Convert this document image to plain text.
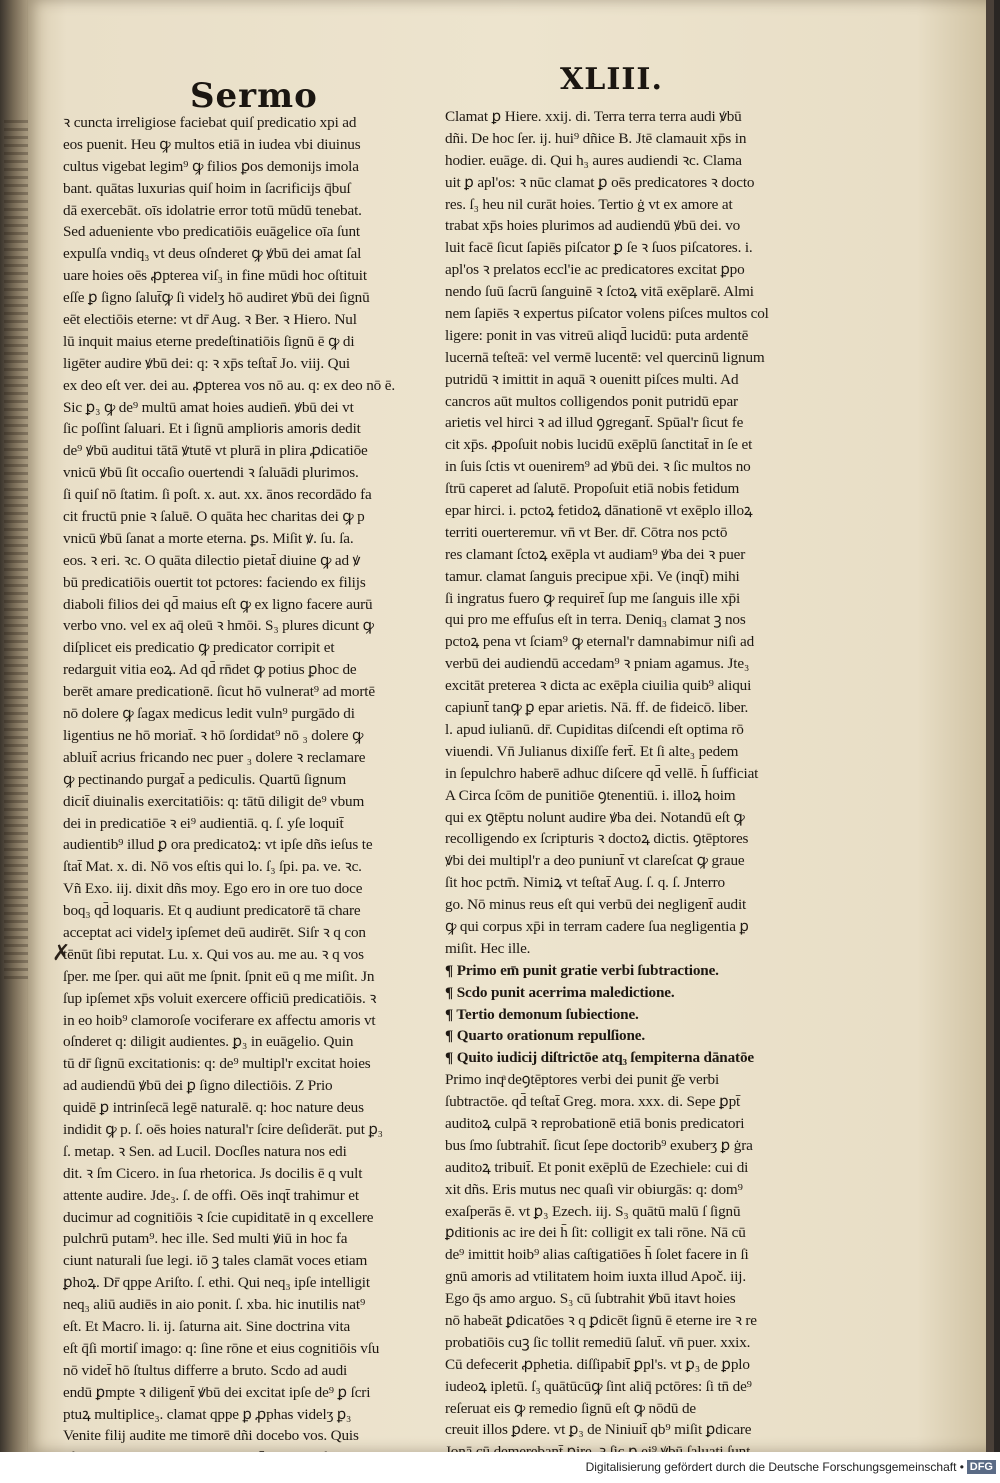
Sermo	XLIII.
ꝛ cuncta irreligiose faciebat quiſ predicatio xpi ad
eos puenit. Heu ꝙ multos etiā in iudea vbi diuinus
cultus vigebat legim⁹ ꝙ filios ꝑos demonijs imola
bant. quātas luxurias quiſ hoim in ſacrificijs q̄buſ
dā exercebāt. oīs idolatrie error totū mūdū tenebat.
Sed adueniente vbo predicatiōis euāgelice oīa ſunt
expulſa vndiq₃ vt deus oſnderet ꝙ ꝟbū dei amat ſal
uare hoies oēs ꝓpterea viſ₃ in fine mūdi hoc oſtituit
eſſe ꝑ ſigno ſalut̄ꝙ ſi videlʒ hō audiret ꝟbū dei ſignū
eēt electiōis eterne: vt dr̄ Aug. ꝛ Ber. ꝛ Hiero. Nul
lū inquit maius eterne predeſtinatiōis ſignū ē ꝙ di
ligēter audire ꝟbū dei: q: ꝛ xp̄s teſtat̄ Jo. viij. Qui
ex deo eſt ver. dei au. ꝓpterea vos nō au. q: ex deo nō ē.
Sic ꝑ₃ ꝙ de⁹ multū amat hoies audien̄. ꝟbū dei vt
ſic poſſint ſaluari. Et i ſignū amplioris amoris dedit
de⁹ ꝟbū auditui tātā ꝟtutē vt plurā in plira ꝓdicatiōe
vnicū ꝟbū ſit occaſio ouertendi ꝛ ſaluādi plurimos.
ſi quiſ nō ſtatim. ſi poſt. x. aut. xx. ānos recordādo fa
cit fructū pnie ꝛ ſaluē. O quāta hec charitas dei ꝙ p
vnicū ꝟbū ſanat a morte eterna. ꝑs. Miſit ꝟ. ſu. ſa.
eos. ꝛ eri. ꝛc. O quāta dilectio pietat̄ diuine ꝙ ad ꝟ
bū predicatiōis ouertit tot pctores: faciendo ex filijs
diaboli filios dei qd̄ maius eſt ꝙ ex ligno facere aurū
verbo vno. vel ex aq̄ oleū ꝛ hmōi. S₃ plures dicunt ꝙ
diſplicet eis predicatio ꝙ predicator corripit et
redarguit vitia eoꝝ. Ad qd̄ rn̄det ꝙ potius ꝑhoc de
berēt amare predicationē. ſicut hō vulnerat⁹ ad mortē
nō dolere ꝙ ſagax medicus ledit vuln⁹ purgādo di
ligentius ne hō moriat̄. ꝛ hō ſordidat⁹ nō ₃ dolere ꝙ
abluit̄ acrius fricando nec puer ₃ dolere ꝛ reclamare
ꝙ pectinando purgat̄ a pediculis. Quartū ſignum
dicit̄ diuinalis exercitatiōis: q: tātū diligit de⁹ vbum
dei in predicatiōe ꝛ ei⁹ audientiā. q. ſ. yſe loquit̄
audientib⁹ illud ꝑ ora predicatoꝝ: vt ipſe dñs ieſus te
ſtat̄ Mat. x. di. Nō vos eſtis qui lo. ſ₃ ſpi. pa. ve. ꝛc.
Vñ Exo. iij. dixit dñs moy. Ego ero in ore tuo doce
boq₃ qd̄ loquaris. Et q audiunt predicatorē tā chare
acceptat aci videlʒ ipſemet deū audirēt. Siſr ꝛ q con
tēnūt ſibi reputat. Lu. x. Qui vos au. me au. ꝛ q vos
ſper. me ſper. qui aūt me ſpnit. ſpnit eū q me miſit. Jn
ſup ipſemet xp̄s voluit exercere officiū predicatiōis. ꝛ
in eo hoib⁹ clamoroſe vociferare ex affectu amoris vt
oſnderet q: diligit audientes. ꝑ₃ in euāgelio. Quin
tū dr̄ ſignū excitationis: q: de⁹ multipl'r excitat hoies
ad audiendū ꝟbū dei ꝑ ſigno dilectiōis. Z Prio
quidē ꝑ intrinſecā legē naturalē. q: hoc nature deus
indidit ꝙ p. ſ. oēs hoies natural'r ſcire deſiderāt. put ꝑ₃
ſ. metap. ꝛ Sen. ad Lucil. Docſles natura nos edi
dit. ꝛ ſm Cicero. in ſua rhetorica. Js docilis ē q vult
attente audire. Jde₃. ſ. de offi. Oēs inqt̄ trahimur et
ducimur ad cognitiōis ꝛ ſcie cupiditatē in q excellere
pulchrū putam⁹. hec ille. Sed multi ꝟiū in hoc fa
ciunt naturali ſue legi. iō ꝫ tales clamāt voces etiam
ꝑhoꝝ. Dr̄ qppe Ariſto. ſ. ethi. Qui neq₃ ipſe intelligit
neq₃ aliū audiēs in aio ponit. ſ. xba. hic inutilis nat⁹
eſt. Et Macro. li. ij. ſaturna ait. Sine doctrina vita
eſt q̄ſi mortiſ imago: q: ſine rōne et eius cognitiōis vſu
nō videt̄ hō ſtultus differre a bruto. Scdo ad audi
endū ꝑmpte ꝛ diligent̄ ꝟbū dei excitat ipſe de⁹ ꝑ ſcri
ptuꝝ multiplice₃. clamat qppe ꝑ ꝓphas videlʒ ꝑ₃
Venite filij audite me timorē dñi docebo vos. Quis
Clamat ꝑ Hiere. xxij. di. Terra terra terra audi ꝟbū
dñi. De hoc ſer. ij. hui⁹ dñice B. Jtē clamauit xp̄s in
hodier. euāge. di. Qui h₃ aures audiendi ꝛc. Clama
uit ꝑ apl'os: ꝛ nūc clamat ꝑ oēs predicatores ꝛ docto
res. ſ₃ heu nil curāt hoies. Tertio ġ vt ex amore at
trabat xp̄s hoies plurimos ad audiendū ꝟbū dei. vo
luit facē ſicut ſapiēs piſcator ꝑ ſe ꝛ ſuos piſcatores. i.
apl'os ꝛ prelatos eccl'ie ac predicatores excitat ꝑpo
nendo ſuū ſacrū ſanguinē ꝛ ſctoꝝ vitā exēplarē. Almi
nem ſapiēs ꝛ expertus piſcator volens piſces multos col
ligere: ponit in vas vitreū aliqd̄ lucidū: puta ardentē
lucernā teſteā: vel vermē lucentē: vel quercinū lignum
putridū ꝛ imittit in aquā ꝛ ouenitt piſces multi. Ad
cancros aūt multos colligendos ponit putridū epar
arietis vel hirci ꝛ ad illud ꝯgregant̄. Spūal'r ſicut fe
cit xp̄s. ꝓpoſuit nobis lucidū exēplū ſanctitat̄ in ſe et
in ſuis ſctis vt ouenirem⁹ ad ꝟbū dei. ꝛ ſic multos no
ſtrū caperet ad ſalutē. Propoſuit etiā nobis fetidum
epar hirci. i. pctoꝝ fetidoꝝ dānationē vt exēplo illoꝝ
territi ouerteremur. vn̄ vt Ber. dr̄. Cōtra nos pctō
res clamant ſctoꝝ exēpla vt audiam⁹ ꝟba dei ꝛ puer
tamur. clamat ſanguis precipue xp̄i. Ve (inqt̄) mihi
ſi ingratus fuero ꝙ requiret̄ ſup me ſanguis ille xp̄i
qui pro me effuſus eſt in terra. Deniq₃ clamat ꝫ nos
pctoꝝ pena vt ſciam⁹ ꝙ eternal'r damnabimur niſi ad
verbū dei audiendū accedam⁹ ꝛ pniam agamus. Jte₃
excitāt preterea ꝛ dicta ac exēpla ciuilia quib⁹ aliqui
capiunt̄ tanꝙ ꝑ epar arietis. Nā. ff. de fideicō. liber.
l. apud iulianū. dr̄. Cupiditas diſcendi eſt optima rō
viuendi. Vn̄ Julianus dixiſſe fert̄. Et ſi alte₃ pedem
in ſepulchro haberē adhuc diſcere qd̄ vellē. h̄ ſufficiat
A Circa ſcōm de punitiōe ꝯtenentiū. i. illoꝝ hoim
qui ex ꝯtēptu nolunt audire ꝟba dei. Notandū eſt ꝙ
recolligendo ex ſcripturis ꝛ doctoꝝ dictis. ꝯtēptores
ꝟbi dei multipl'r a deo puniunt̄ vt clareſcat ꝙ graue
ſit hoc pctm̄. Nimiꝝ vt teſtat̄ Aug. ſ. q. ſ. Jnterro
go. Nō minus reus eſt qui verbū dei negligent̄ audit
ꝙ qui corpus xp̄i in terram cadere ſua negligentia ꝑ
miſit. Hec ille.
¶ Primo em̄ punit gratie verbi ſubtractione.
¶ Scdo punit acerrima maledictione.
¶ Tertio demonum ſubiectione.
¶ Quarto orationum repulſione.
¶ Quito iudicij diſtrictōe atq₃ ſempiterna dānatōe
Primo inqͣ deꝯtēptores verbi dei punit ġ̄e verbi
ſubtractōe. qd̄ teſtat̄ Greg. mora. xxx. di. Sepe ꝑpt̄
auditoꝝ culpā ꝛ reprobationē etiā bonis predicatori
bus ſmo ſubtrahit̄. ſicut ſepe doctorib⁹ exuberʒ ꝑ ġra
auditoꝝ tribuit̄. Et ponit exēplū de Ezechiele: cui di
xit dñs. Eris mutus nec quaſi vir obiurgās: q: dom⁹
exaſperās ē. vt ꝑ₃ Ezech. iij. S₃ quātū malū ſ ſignū
ꝑditionis ac ire dei h̄ ſit: colligit ex tali rōne. Nā cū
de⁹ imittit hoib⁹ alias caſtigatiōes h̄ ſolet facere in ſi
gnū amoris ad vtilitatem hoim iuxta illud Apoč. iij.
Ego q̄s amo arguo. S₃ cū ſubtrahit ꝟbū itavt hoies
nō habeāt ꝑdicatōes ꝛ q ꝑdicēt ſignū ē eterne ire ꝛ re
probatiōis cuꝫ ſic tollit remediū ſalut̄. vn̄ puer. xxix.
Cū defecerit ꝓphetia. diſſipabit̄ ꝑpl's. vt ꝑ₃ de ꝑplo
iudeoꝝ ipletū. ſ₃ quātūcūꝙ ſint aliq̄ pctōres: ſi tn̄ de⁹
reſeruat eis ꝙ remedio ſignū eſt ꝙ nōdū de
creuit illos ꝑdere. vt ꝑ₃ de Niniuit̄ qb⁹ miſit ꝑdicare
✗
Digitalisierung gefördert durch die Deutsche Forschungsgemeinschaft • DFG
